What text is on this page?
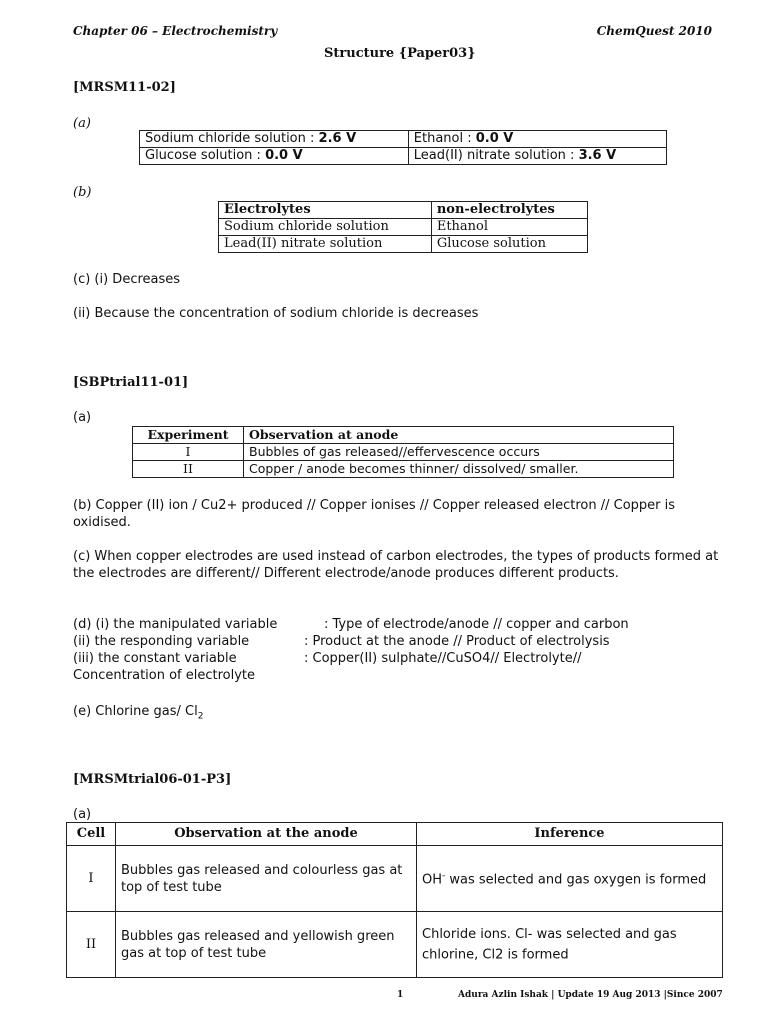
Chapter 06 – Electrochemistry	ChemQuest 2010
Structure {Paper03}
[MRSM11-02]
(a)
Sodium chloride solution : 2.6 V	Ethanol : 0.0 V
Glucose solution : 0.0 V	Lead(II) nitrate solution : 3.6 V
(b)
Electrolytes	non-electrolytes
Sodium chloride solution	Ethanol
Lead(II) nitrate solution	Glucose solution
(c) (i) Decreases
(ii) Because the concentration of sodium chloride is decreases
[SBPtrial11-01]
(a)
Experiment	Observation at anode
I	Bubbles of gas released//effervescence occurs
II	Copper / anode becomes thinner/ dissolved/ smaller.
(b) Copper (II) ion / Cu2+ produced // Copper ionises // Copper released electron // Copper is oxidised.
(c) When copper electrodes are used instead of carbon electrodes, the types of products formed at the electrodes are different// Different electrode/anode produces different products.
(d) (i) the manipulated variable	: Type of electrode/anode // copper and carbon
(ii) the responding variable	: Product at the anode // Product of electrolysis
(iii) the constant variable	: Copper(II) sulphate//CuSO4// Electrolyte//
Concentration of electrolyte
(e) Chlorine gas/ $Cl_2$
[MRSMtrial06-01-P3]
(a)
Cell	Observation at the anode	Inference
I	Bubbles gas released and colourless gas at top of test tube	OH- was selected and gas oxygen is formed
II	Bubbles gas released and yellowish green gas at top of test tube	Chloride ions. Cl- was selected and gas chlorine, Cl2 is formed
1	Adura Azlin Ishak | Update 19 Aug 2013 |Since 2007
